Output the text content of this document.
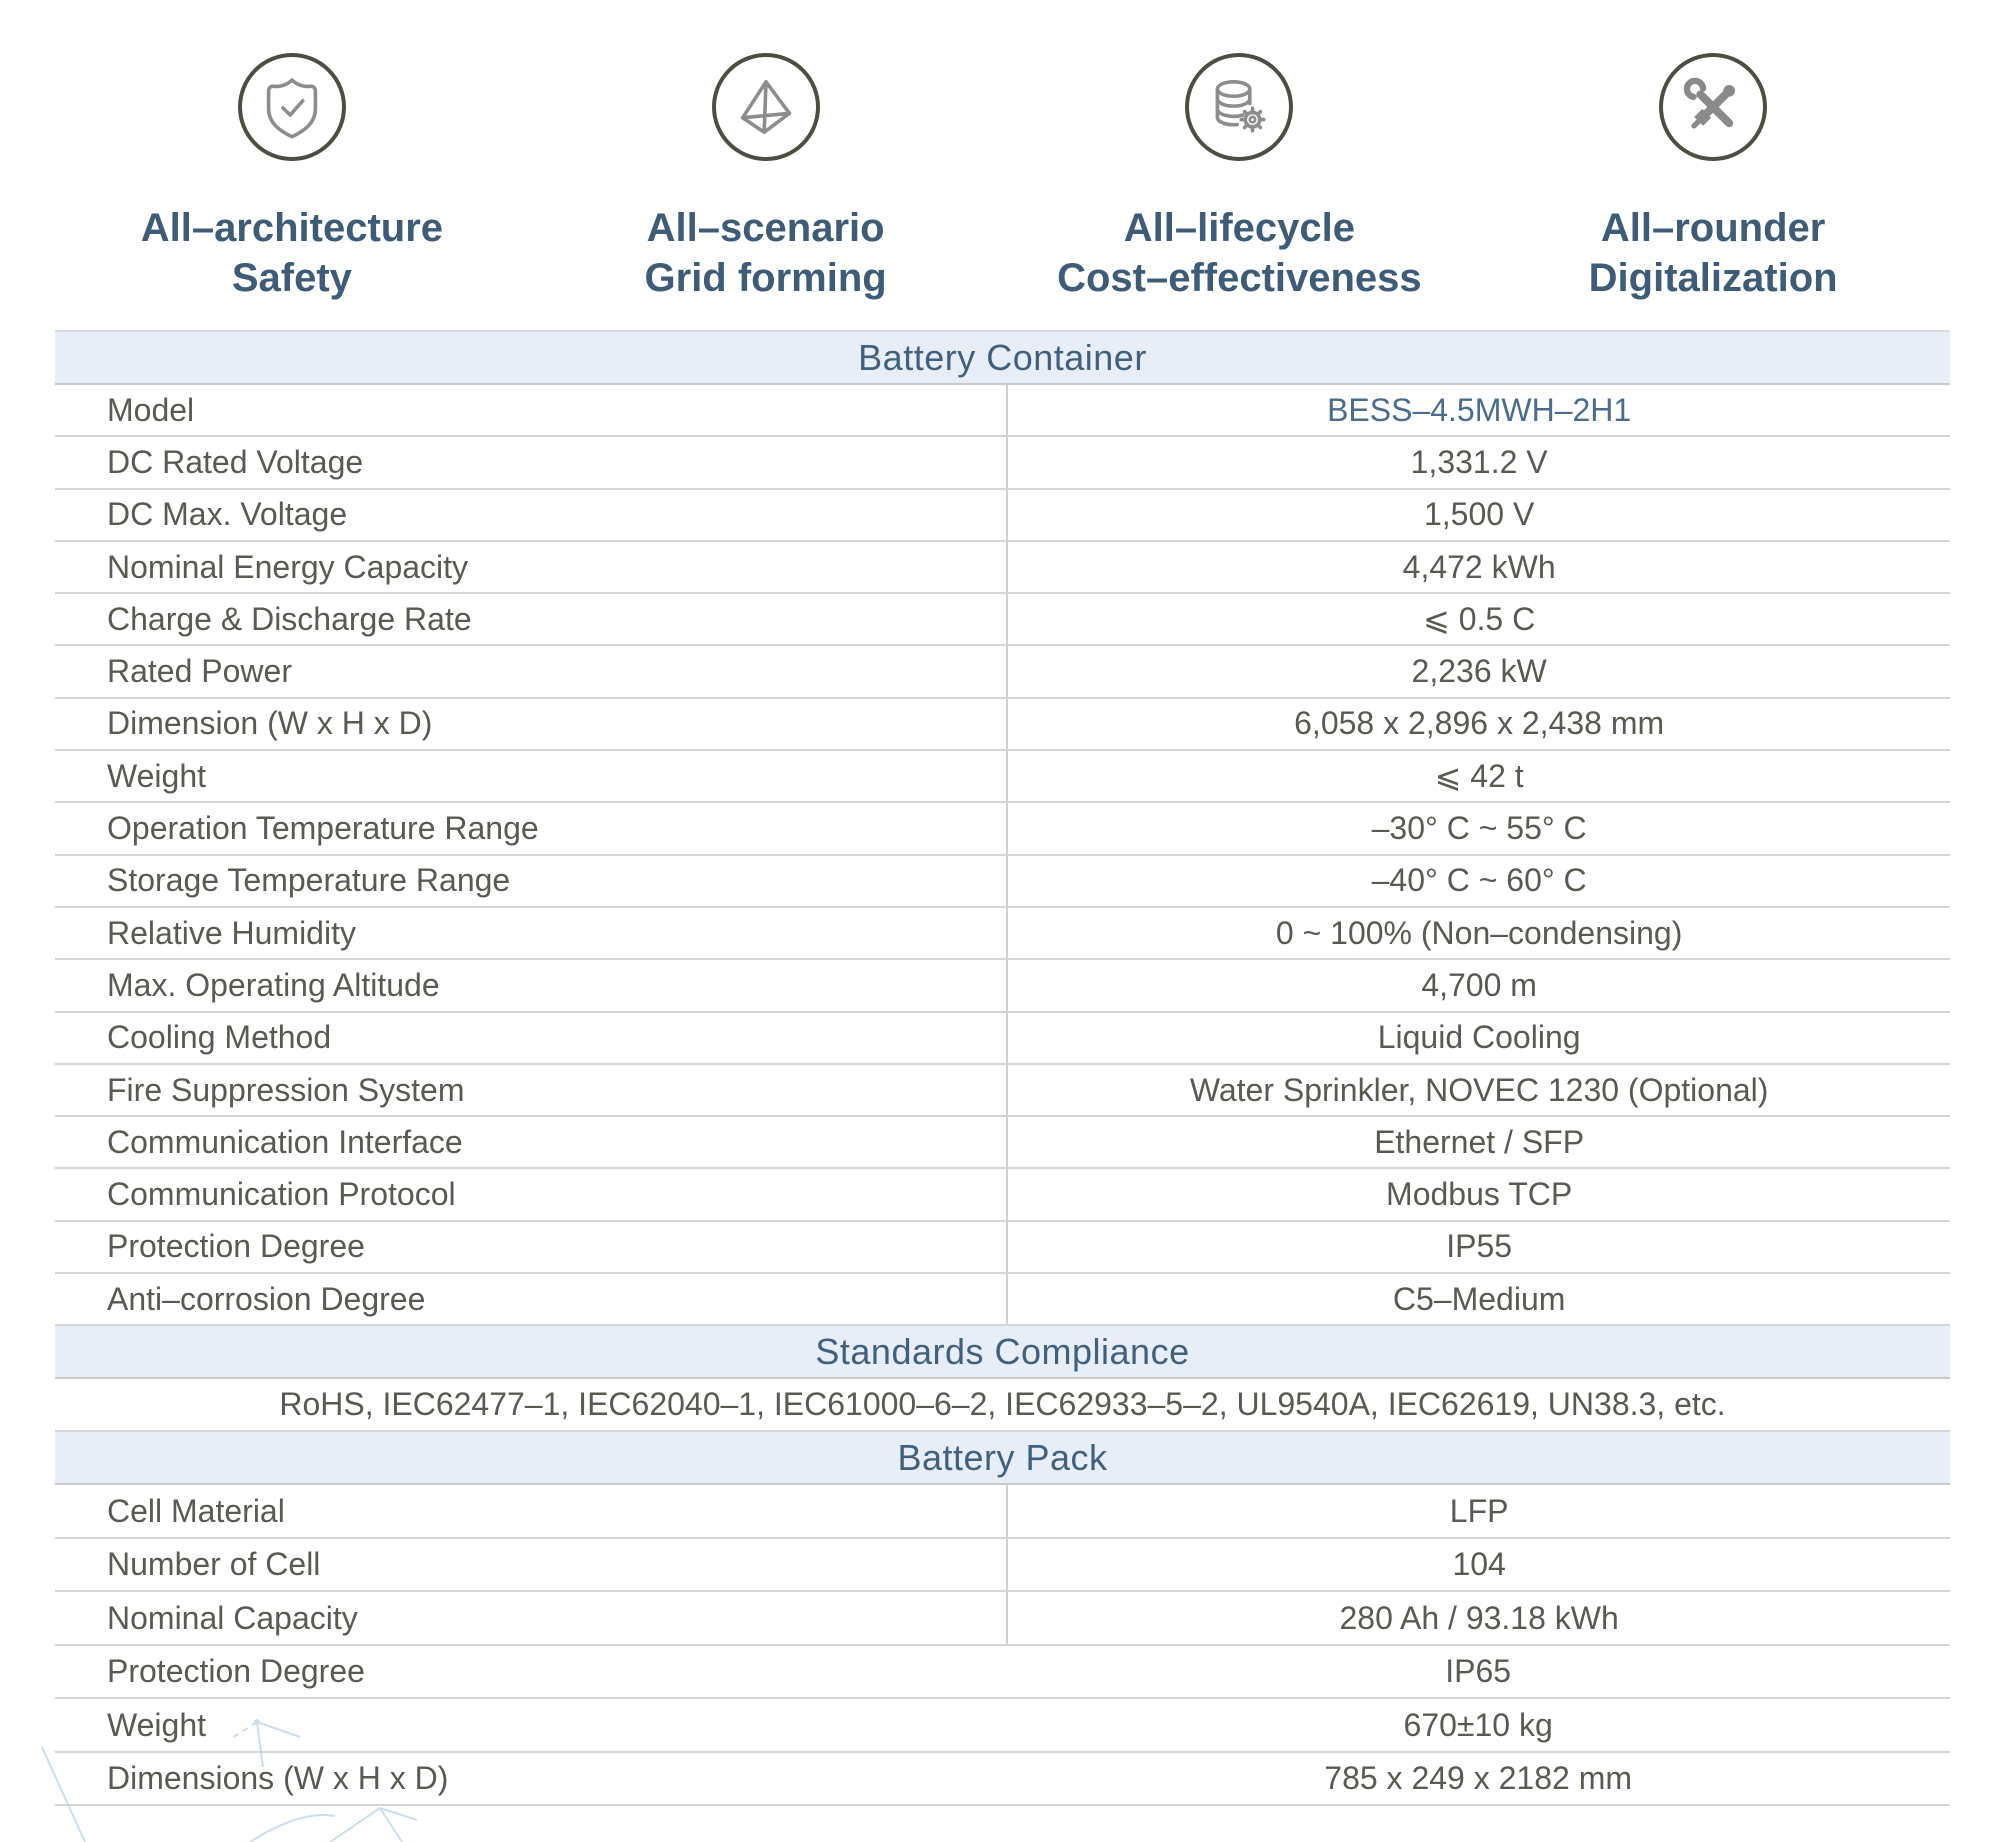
All–architecture
Safety
All–scenario
Grid forming
All–lifecycle
Cost–effectiveness
All–rounder
Digitalization
Battery Container
Model	BESS–4.5MWH–2H1
DC Rated Voltage	1,331.2 V
DC Max. Voltage	1,500 V
Nominal Energy Capacity	4,472 kWh
Charge & Discharge Rate	⩽ 0.5 C
Rated Power	2,236 kW
Dimension (W x H x D)	6,058 x 2,896 x 2,438 mm
Weight	⩽ 42 t
Operation Temperature Range	–30° C ~ 55° C
Storage Temperature Range	–40° C ~ 60° C
Relative Humidity	0 ~ 100% (Non–condensing)
Max. Operating Altitude	4,700 m
Cooling Method	Liquid Cooling
Fire Suppression System	Water Sprinkler, NOVEC 1230 (Optional)
Communication Interface	Ethernet / SFP
Communication Protocol	Modbus TCP
Protection Degree	IP55
Anti–corrosion Degree	C5–Medium
Standards Compliance
RoHS, IEC62477–1, IEC62040–1, IEC61000–6–2, IEC62933–5–2, UL9540A, IEC62619, UN38.3, etc.
Battery Pack
Cell Material	LFP
Number of Cell	104
Nominal Capacity	280 Ah / 93.18 kWh
Protection Degree	IP65
Weight	670±10 kg
Dimensions (W x H x D)	785 x 249 x 2182 mm
